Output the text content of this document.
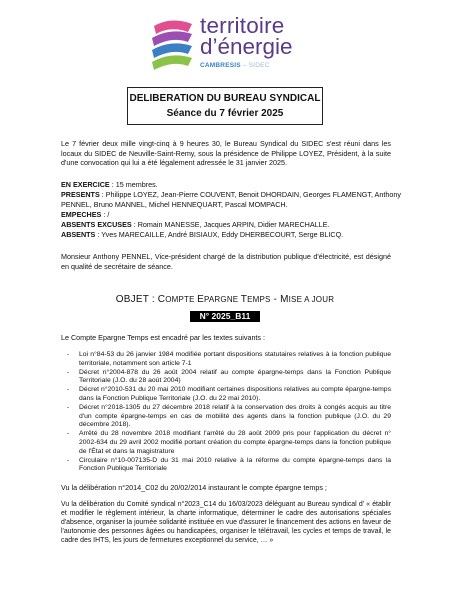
territoire
d’énergie
CAMBRESIS – SIDEC
DELIBERATION DU BUREAU SYNDICAL
Séance du 7 février 2025
Le 7 février deux mille vingt-cinq à 9 heures 30, le Bureau Syndical du SIDEC s'est réuni dans les locaux du SIDEC de Neuville-Saint-Remy, sous la présidence de Philippe LOYEZ, Président, à la suite d'une convocation qui lui a été légalement adressée le 31 janvier 2025.
EN EXERCICE : 15 membres.
PRESENTS : Philippe LOYEZ, Jean-Pierre COUVENT, Benoit DHORDAIN, Georges FLAMENGT, Anthony
PENNEL, Bruno MANNEL, Michel HENNEQUART, Pascal MOMPACH.
EMPECHES : /
ABSENTS EXCUSES : Romain MANESSE, Jacques ARPIN, Didier MARECHALLE.
ABSENTS : Yves MARECAILLE, André BISIAUX, Eddy DHERBECOURT, Serge BLICQ.
Monsieur Anthony PENNEL, Vice-président chargé de la distribution publique d'électricité, est désigné en qualité de secrétaire de séance.
OBJET : COMPTE EPARGNE TEMPS - MISE A JOUR
N° 2025_B11
Le Compte Epargne Temps est encadré par les textes suivants :
- Loi n°84-53 du 26 janvier 1984 modifiée portant dispositions statutaires relatives à la fonction publique territoriale, notamment son article 7-1
- Décret n°2004-878 du 26 août 2004 relatif au compte épargne-temps dans la Fonction Publique Territoriale (J.O. du 28 août 2004)
- Décret n°2010-531 du 20 mai 2010 modifiant certaines dispositions relatives au compte épargne-temps dans la Fonction Publique Territoriale (J.O. du 22 mai 2010).
- Décret n°2018-1305 du 27 décembre 2018 relatif à la conservation des droits à congés acquis au titre d'un compte épargne-temps en cas de mobilité des agents dans la fonction publique (J.O. du 29 décembre 2018).
- Arrêté du 28 novembre 2018 modifiant l'arrêté du 28 août 2009 pris pour l'application du décret n° 2002-634 du 29 avril 2002 modifié portant création du compte épargne-temps dans la fonction publique de l'État et dans la magistrature
- Circulaire n°10-007135-D du 31 mai 2010 relative à la réforme du compte épargne-temps dans la Fonction Publique Territoriale
Vu la délibération n°2014_C02 du 20/02/2014 instaurant le compte épargne temps ;
Vu la délibération du Comité syndical n°2023_C14 du 16/03/2023 déléguant au Bureau syndical d' « établir et modifier le règlement intérieur, la charte informatique, déterminer le cadre des autorisations spéciales d'absence, organiser la journée solidarité instituée en vue d'assurer le financement des actions en faveur de l'autonomie des personnes âgées ou handicapées, organiser le télétravail, les cycles et temps de travail, le cadre des IHTS, les jours de fermetures exceptionnel du service, … »
